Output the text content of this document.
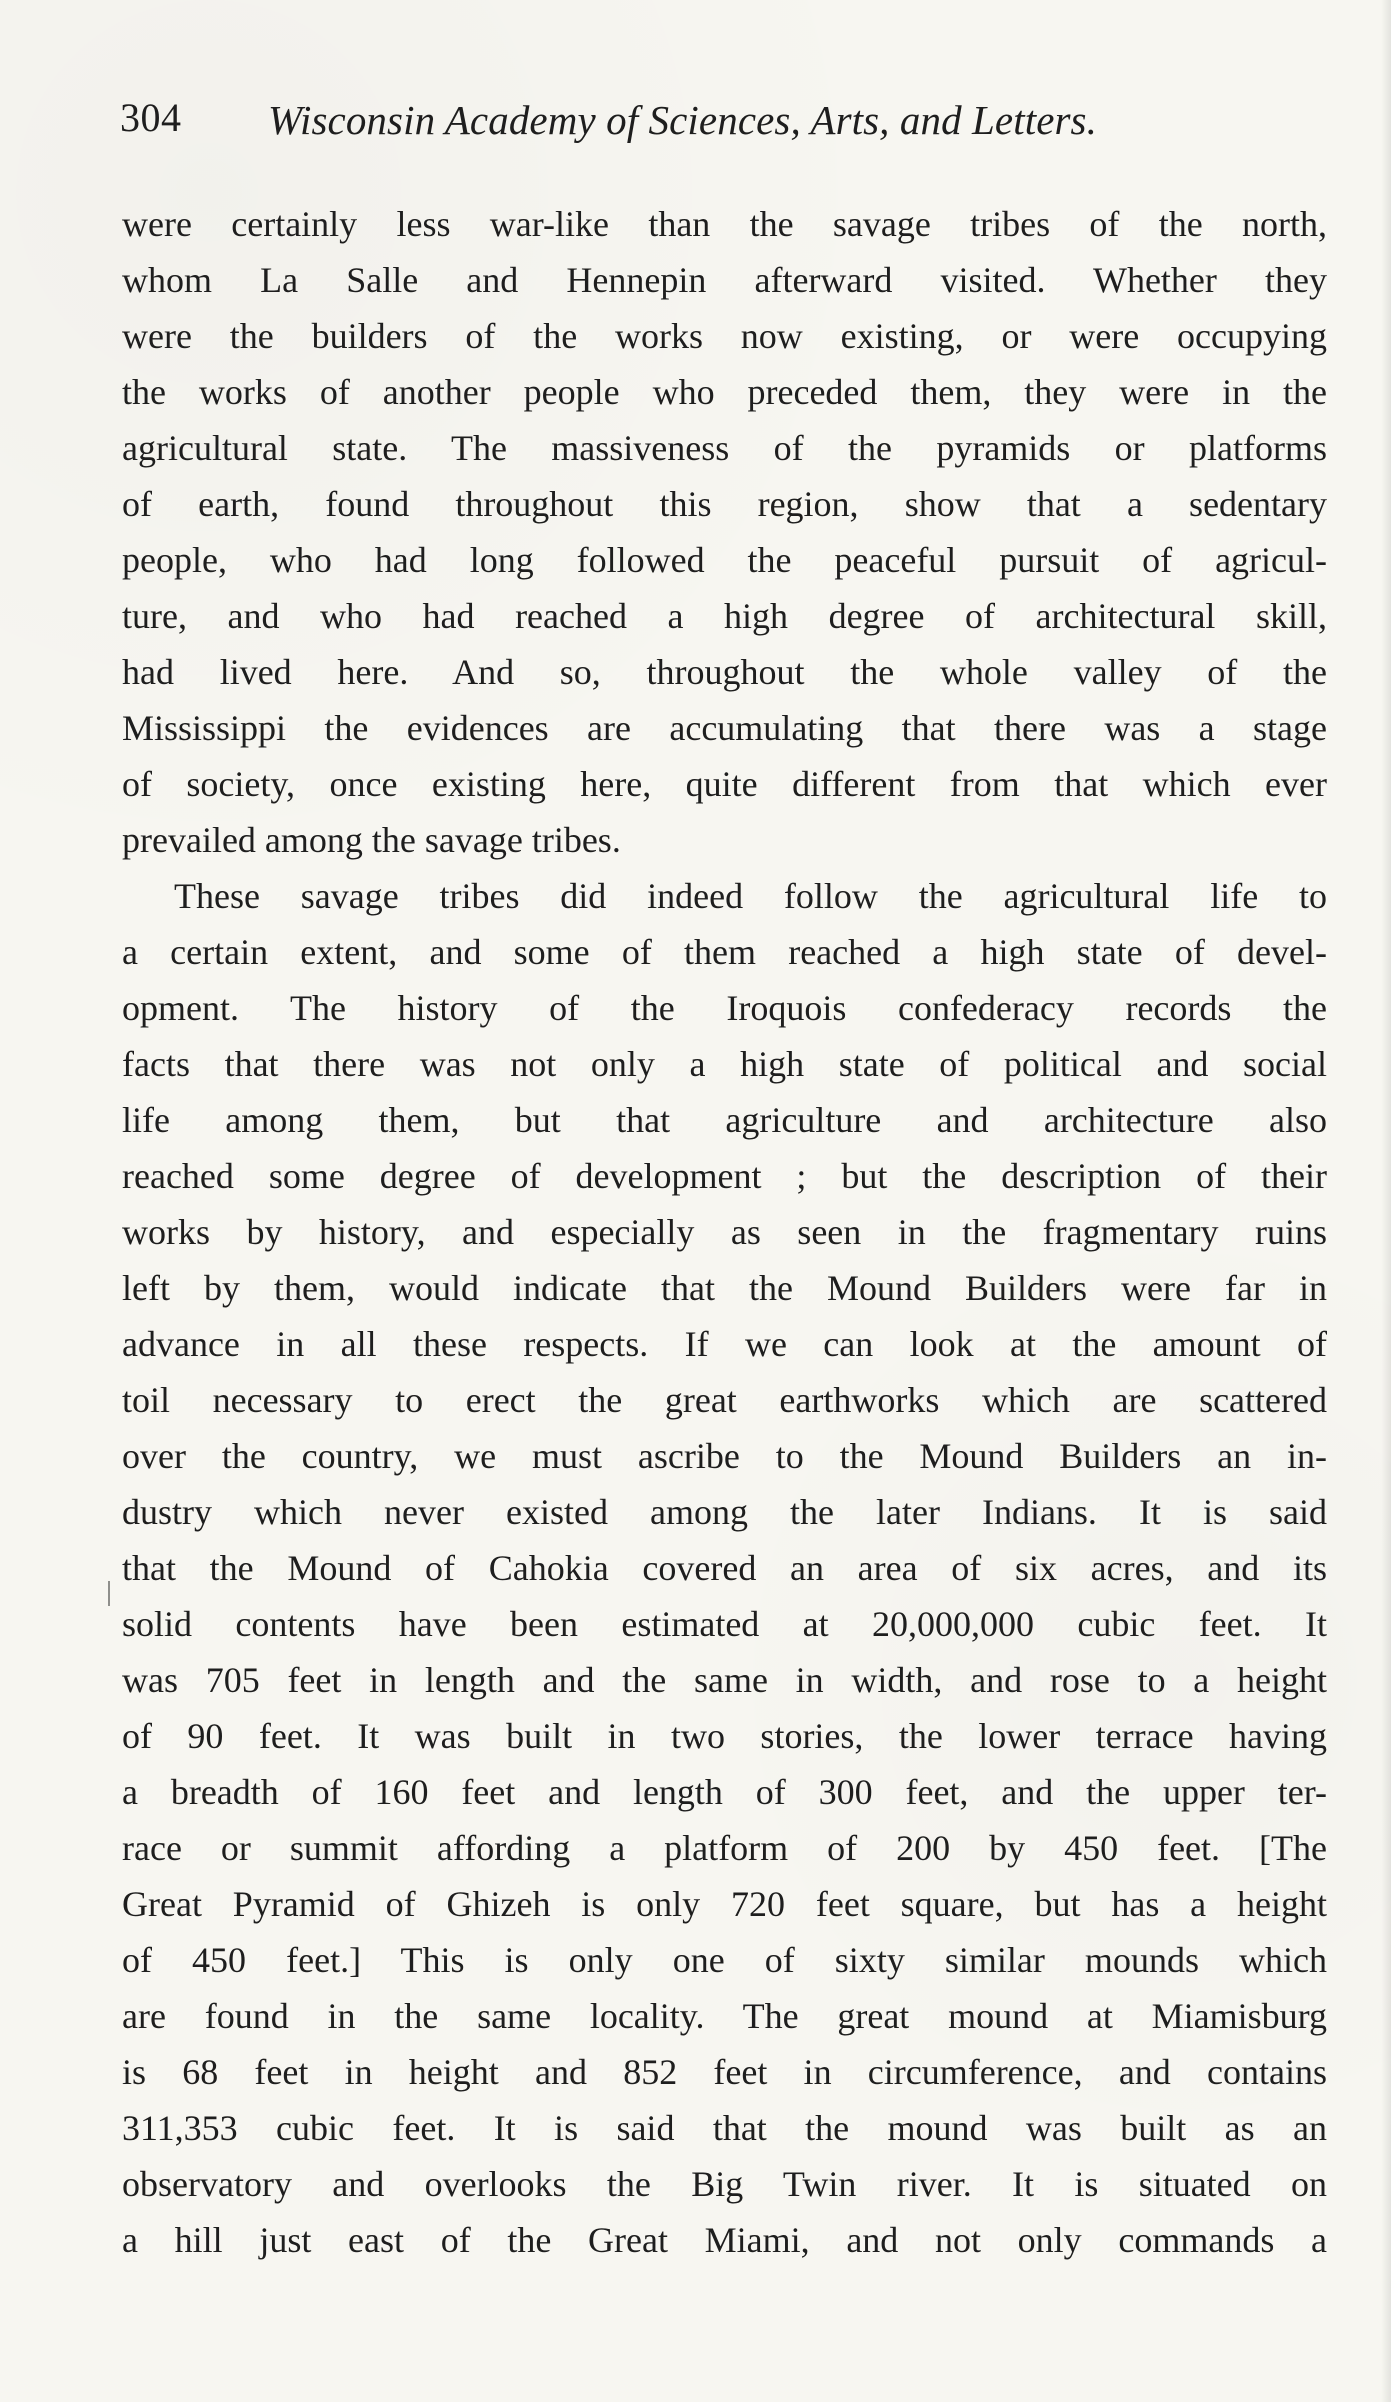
304 Wisconsin Academy of Sciences, Arts, and Letters.
were certainly less war-like than the savage tribes of the north,
whom La Salle and Hennepin afterward visited. Whether they
were the builders of the works now existing, or were occupying
the works of another people who preceded them, they were in the
agricultural state. The massiveness of the pyramids or platforms
of earth, found throughout this region, show that a sedentary
people, who had long followed the peaceful pursuit of agricul-
ture, and who had reached a high degree of architectural skill,
had lived here. And so, throughout the whole valley of the
Mississippi the evidences are accumulating that there was a stage
of society, once existing here, quite different from that which ever
prevailed among the savage tribes.
These savage tribes did indeed follow the agricultural life to
a certain extent, and some of them reached a high state of devel-
opment. The history of the Iroquois confederacy records the
facts that there was not only a high state of political and social
life among them, but that agriculture and architecture also
reached some degree of development ; but the description of their
works by history, and especially as seen in the fragmentary ruins
left by them, would indicate that the Mound Builders were far in
advance in all these respects. If we can look at the amount of
toil necessary to erect the great earthworks which are scattered
over the country, we must ascribe to the Mound Builders an in-
dustry which never existed among the later Indians. It is said
that the Mound of Cahokia covered an area of six acres, and its
solid contents have been estimated at 20,000,000 cubic feet. It
was 705 feet in length and the same in width, and rose to a height
of 90 feet. It was built in two stories, the lower terrace having
a breadth of 160 feet and length of 300 feet, and the upper ter-
race or summit affording a platform of 200 by 450 feet. [The
Great Pyramid of Ghizeh is only 720 feet square, but has a height
of 450 feet.] This is only one of sixty similar mounds which
are found in the same locality. The great mound at Miamisburg
is 68 feet in height and 852 feet in circumference, and contains
311,353 cubic feet. It is said that the mound was built as an
observatory and overlooks the Big Twin river. It is situated on
a hill just east of the Great Miami, and not only commands a
